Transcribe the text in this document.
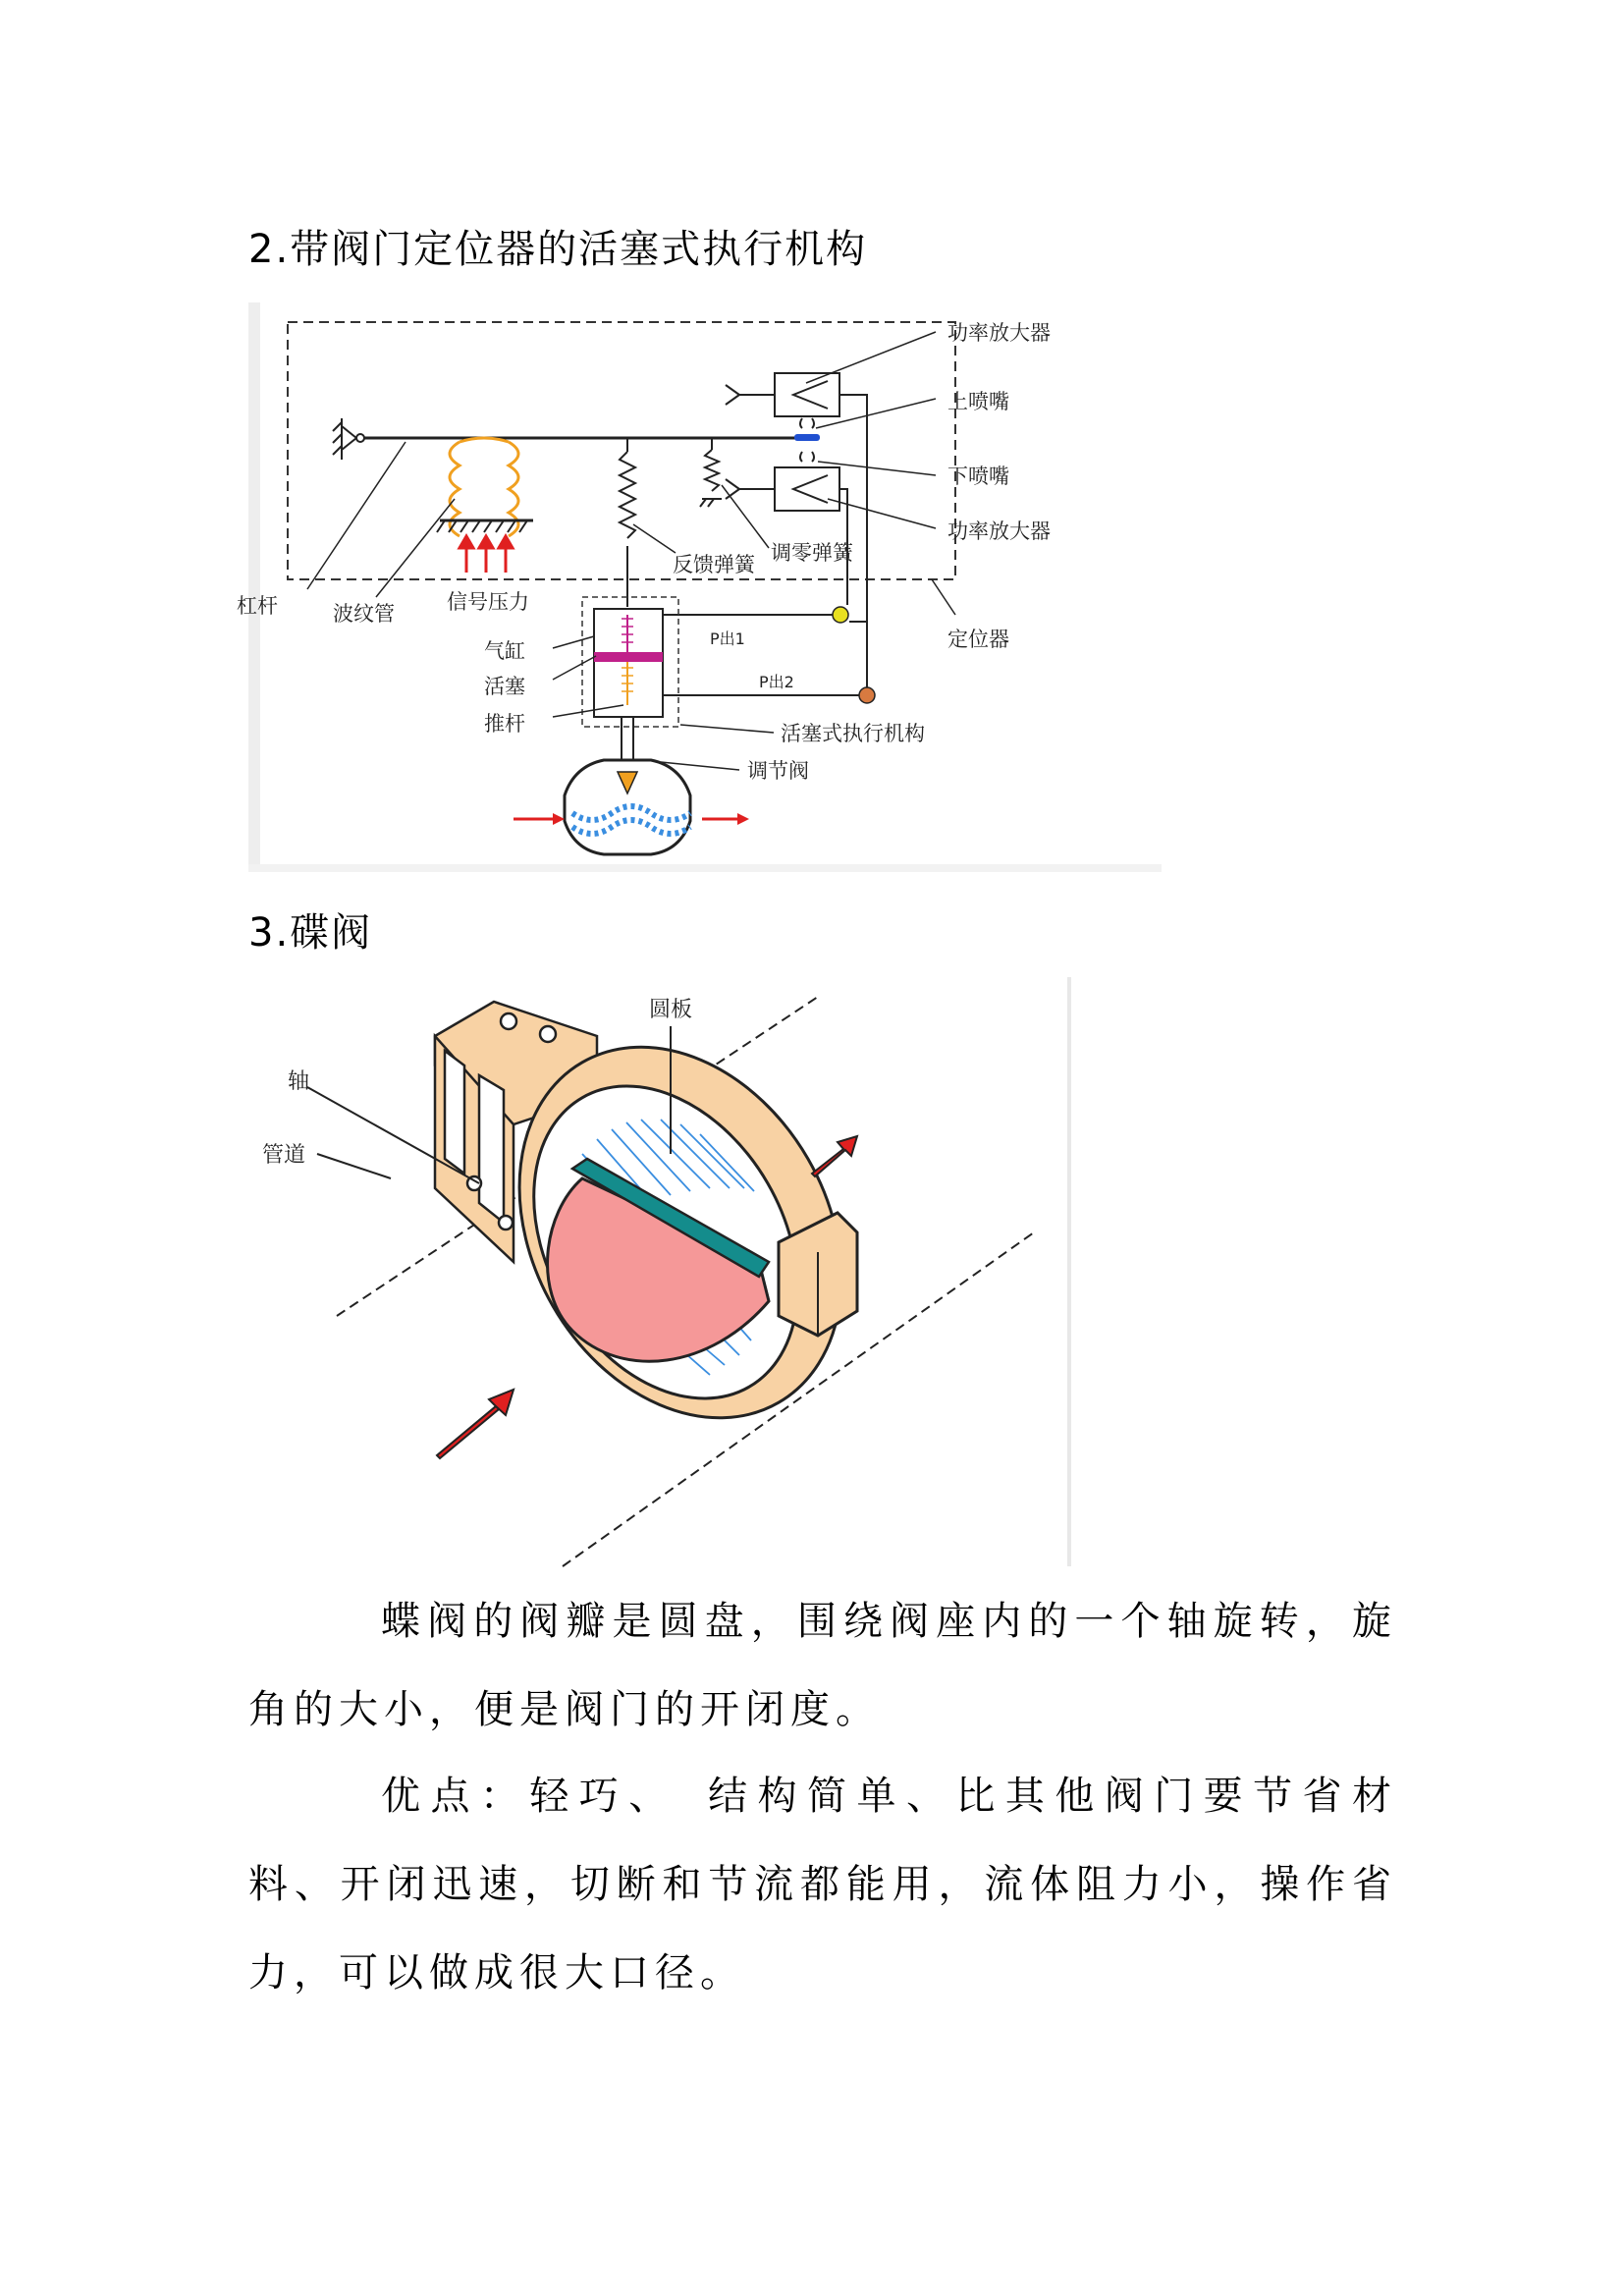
2.带阀门定位器的活塞式执行机构
功率放大器
上喷嘴
下喷嘴
功率放大器
调零弹簧
反馈弹簧
杠杆	波纹管	信号压力
定位器
P出1
P出2
气缸
活塞
推杆	活塞式执行机构
调节阀
3.碟阀
圆板
轴
管道

蝶阀的阀瓣是圆盘，围绕阀座内的一个轴旋转，旋角的大小，便是阀门的开闭度。

优点：轻巧、　结构简单、比其他阀门要节省材料、开闭迅速，切断和节流都能用，流体阻力小，操作省力，可以做成很大口径。
